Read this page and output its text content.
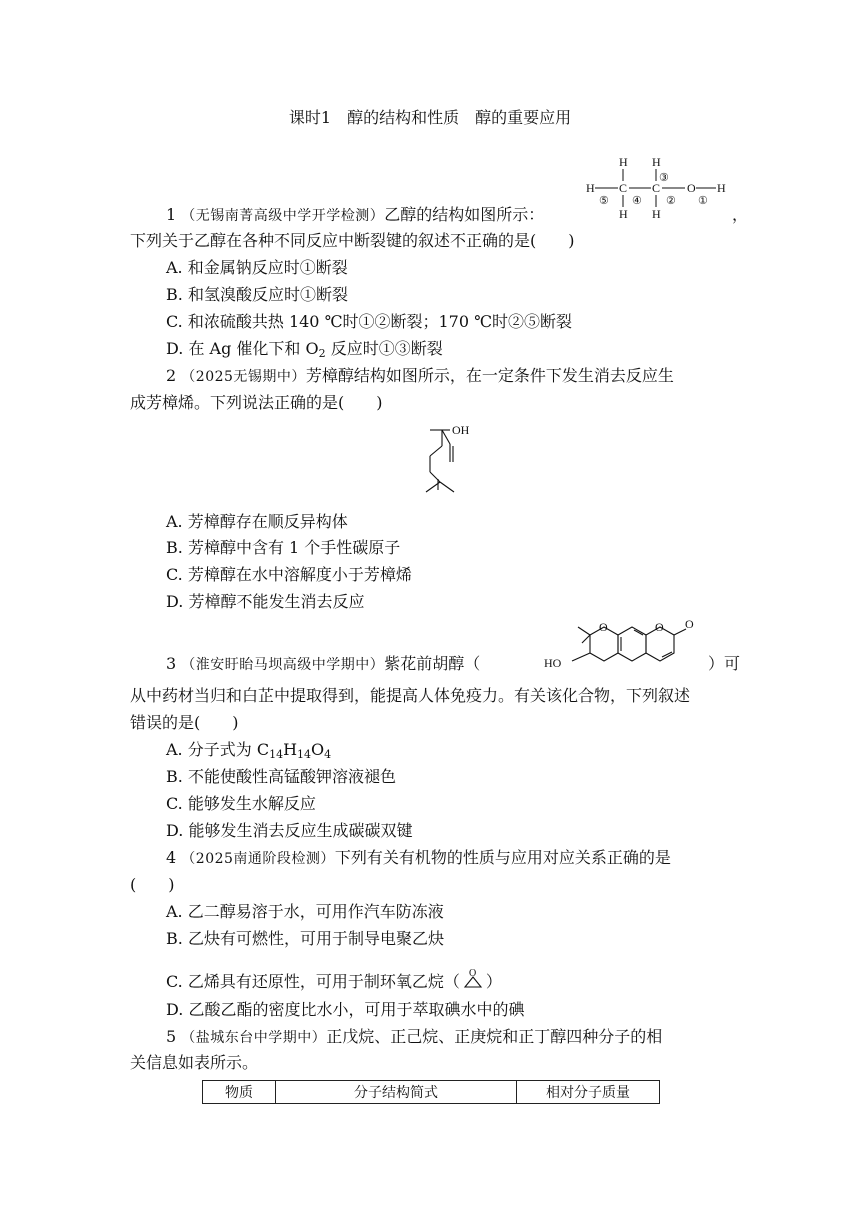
课时1　醇的结构和性质　醇的重要应用
1 （无锡南菁高级中学开学检测）乙醇的结构如图所示：
H H
H C C O H
H H
③
⑤ ④ ② ①
，
下列关于乙醇在各种不同反应中断裂键的叙述不正确的是(　　)
A. 和金属钠反应时①断裂
B. 和氢溴酸反应时①断裂
C. 和浓硫酸共热 140 ℃时①②断裂；170 ℃时②⑤断裂
D. 在 Ag 催化下和 $O_2$ 反应时①③断裂
2 （2025无锡期中）芳樟醇结构如图所示，在一定条件下发生消去反应生
成芳樟烯。下列说法正确的是(　　)
OH
A. 芳樟醇存在顺反异构体
B. 芳樟醇中含有 1 个手性碳原子
C. 芳樟醇在水中溶解度小于芳樟烯
D. 芳樟醇不能发生消去反应
3 （淮安盱眙马坝高级中学期中）紫花前胡醇（
O	O O
HO	）可
从中药材当归和白芷中提取得到，能提高人体免疫力。有关该化合物，下列叙述
错误的是(　　)
A. 分子式为 $C_{14}H_{14}O_4$
B. 不能使酸性高锰酸钾溶液褪色
C. 能够发生水解反应
D. 能够发生消去反应生成碳碳双键
4 （2025南通阶段检测）下列有关有机物的性质与应用对应关系正确的是
(　　)
A. 乙二醇易溶于水，可用作汽车防冻液
B. 乙炔有可燃性，可用于制导电聚乙炔
C. 乙烯具有还原性，可用于制环氧乙烷（ O ）
D. 乙酸乙酯的密度比水小，可用于萃取碘水中的碘
5 （盐城东台中学期中）正戊烷、正己烷、正庚烷和正丁醇四种分子的相
关信息如表所示。
物质	分子结构简式	相对分子质量
